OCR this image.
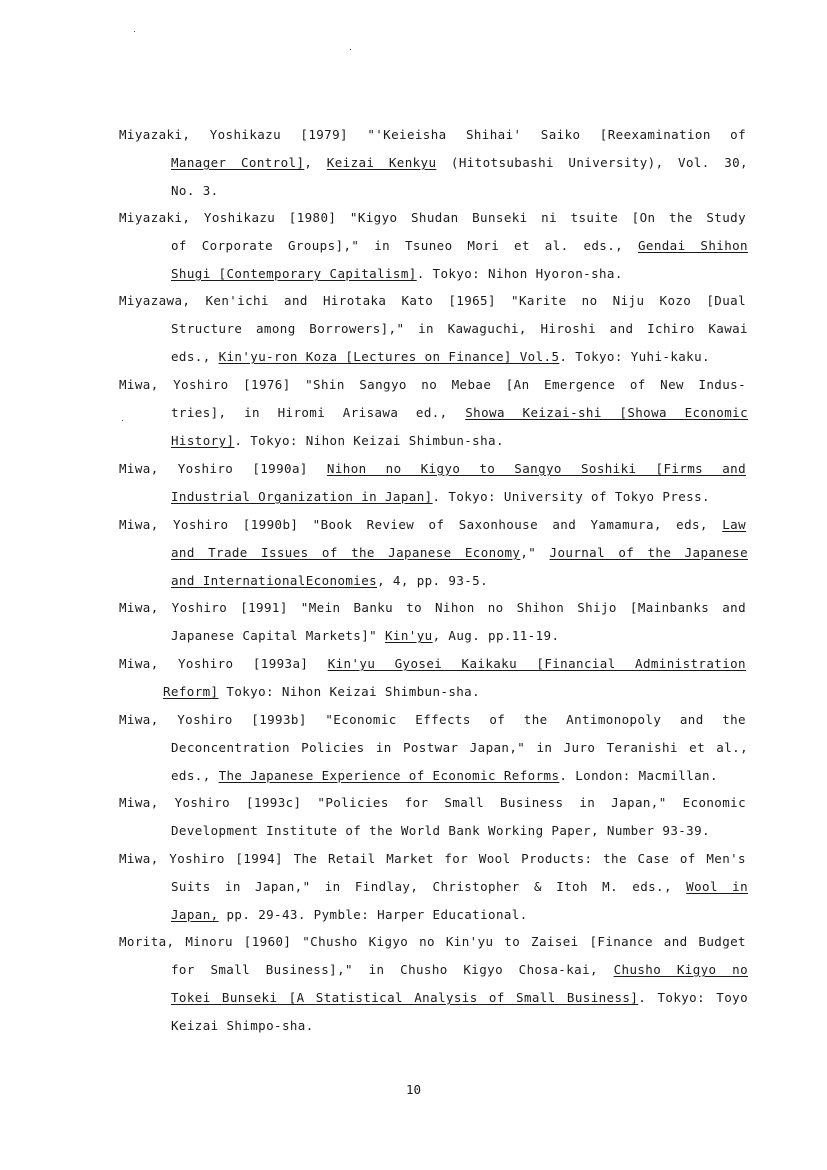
Miyazaki, Yoshikazu [1979] "'Keieisha Shihai' Saiko [Reexamination of
Manager Control], Keizai Kenkyu (Hitotsubashi University), Vol. 30,
No. 3.
Miyazaki, Yoshikazu [1980] "Kigyo Shudan Bunseki ni tsuite [On the Study
of Corporate Groups]," in Tsuneo Mori et al. eds., Gendai Shihon
Shugi [Contemporary Capitalism]. Tokyo: Nihon Hyoron-sha.
Miyazawa, Ken'ichi and Hirotaka Kato [1965] "Karite no Niju Kozo [Dual
Structure among Borrowers]," in Kawaguchi, Hiroshi and Ichiro Kawai
eds., Kin'yu-ron Koza [Lectures on Finance] Vol.5. Tokyo: Yuhi-kaku.
Miwa, Yoshiro [1976] "Shin Sangyo no Mebae [An Emergence of New Indus-
tries], in Hiromi Arisawa ed., Showa Keizai-shi [Showa Economic
History]. Tokyo: Nihon Keizai Shimbun-sha.
Miwa, Yoshiro [1990a] Nihon no Kigyo to Sangyo Soshiki [Firms and
Industrial Organization in Japan]. Tokyo: University of Tokyo Press.
Miwa, Yoshiro [1990b] "Book Review of Saxonhouse and Yamamura, eds, Law
and Trade Issues of the Japanese Economy," Journal of the Japanese
and InternationalEconomies, 4, pp. 93-5.
Miwa, Yoshiro [1991] "Mein Banku to Nihon no Shihon Shijo [Mainbanks and
Japanese Capital Markets]" Kin'yu, Aug. pp.11-19.
Miwa, Yoshiro [1993a] Kin'yu Gyosei Kaikaku [Financial Administration
Reform] Tokyo: Nihon Keizai Shimbun-sha.
Miwa, Yoshiro [1993b] "Economic Effects of the Antimonopoly and the
Deconcentration Policies in Postwar Japan," in Juro Teranishi et al.,
eds., The Japanese Experience of Economic Reforms. London: Macmillan.
Miwa, Yoshiro [1993c] "Policies for Small Business in Japan," Economic
Development Institute of the World Bank Working Paper, Number 93-39.
Miwa, Yoshiro [1994] The Retail Market for Wool Products: the Case of Men's
Suits in Japan," in Findlay, Christopher & Itoh M. eds., Wool in
Japan, pp. 29-43. Pymble: Harper Educational.
Morita, Minoru [1960] "Chusho Kigyo no Kin'yu to Zaisei [Finance and Budget
for Small Business]," in Chusho Kigyo Chosa-kai, Chusho Kigyo no
Tokei Bunseki [A Statistical Analysis of Small Business]. Tokyo: Toyo
Keizai Shimpo-sha.
10
